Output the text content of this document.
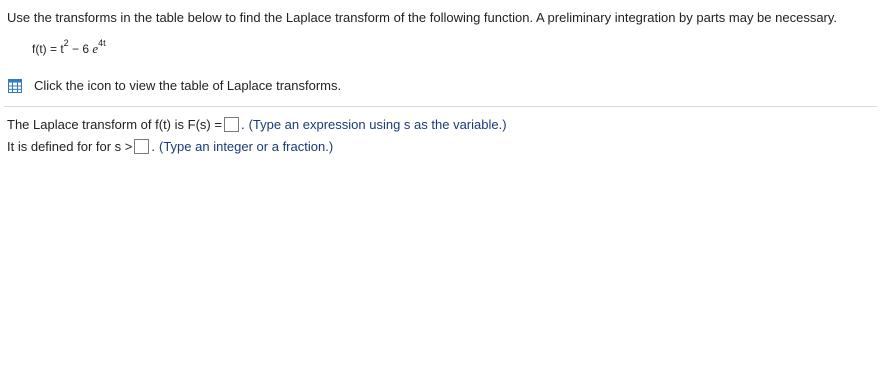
Use the transforms in the table below to find the Laplace transform of the following function. A preliminary integration by parts may be necessary.
$f(t) = t^2 - 6$ $e^{4t}$
Click the icon to view the table of Laplace transforms.
The Laplace transform of f(t) is F(s) = . (Type an expression using s as the variable.)
It is defined for for s > . (Type an integer or a fraction.)
